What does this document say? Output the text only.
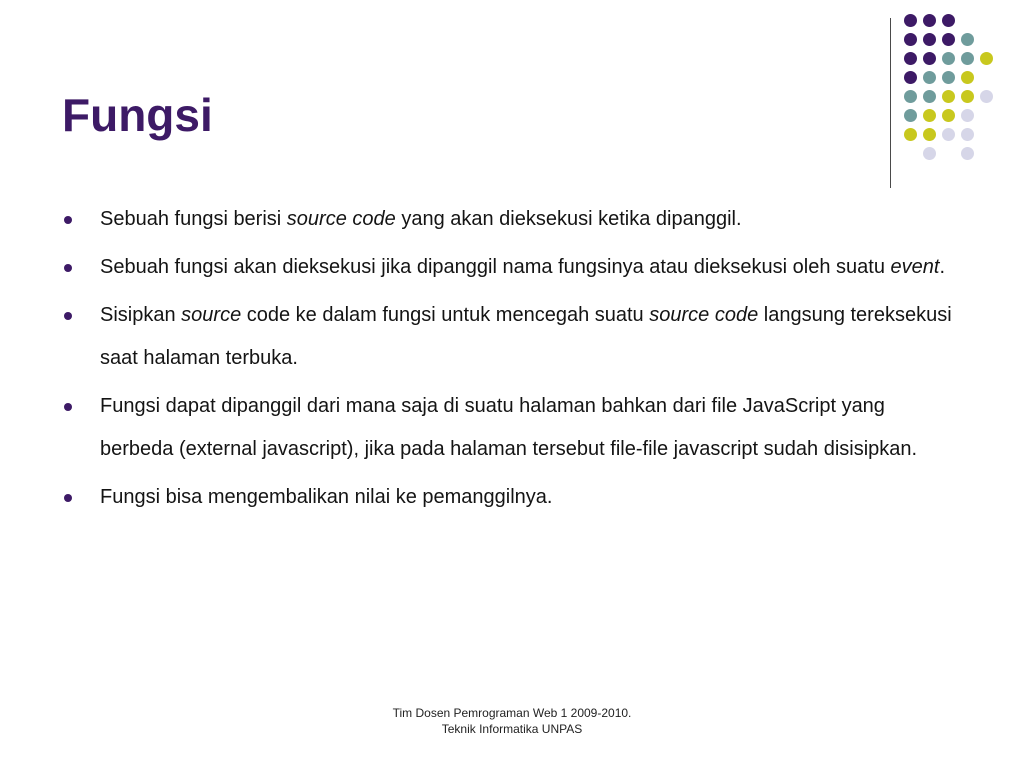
Fungsi
Sebuah fungsi berisi source code yang akan dieksekusi ketika dipanggil.
Sebuah fungsi akan dieksekusi jika dipanggil nama fungsinya atau dieksekusi oleh suatu event.
Sisipkan source code ke dalam fungsi untuk mencegah suatu source code langsung tereksekusi saat halaman terbuka.
Fungsi dapat dipanggil dari mana saja di suatu halaman bahkan dari file JavaScript yang berbeda (external javascript), jika pada halaman tersebut file-file javascript sudah disisipkan.
Fungsi bisa mengembalikan nilai ke pemanggilnya.
Tim Dosen Pemrograman Web 1 2009-2010.
Teknik Informatika UNPAS
